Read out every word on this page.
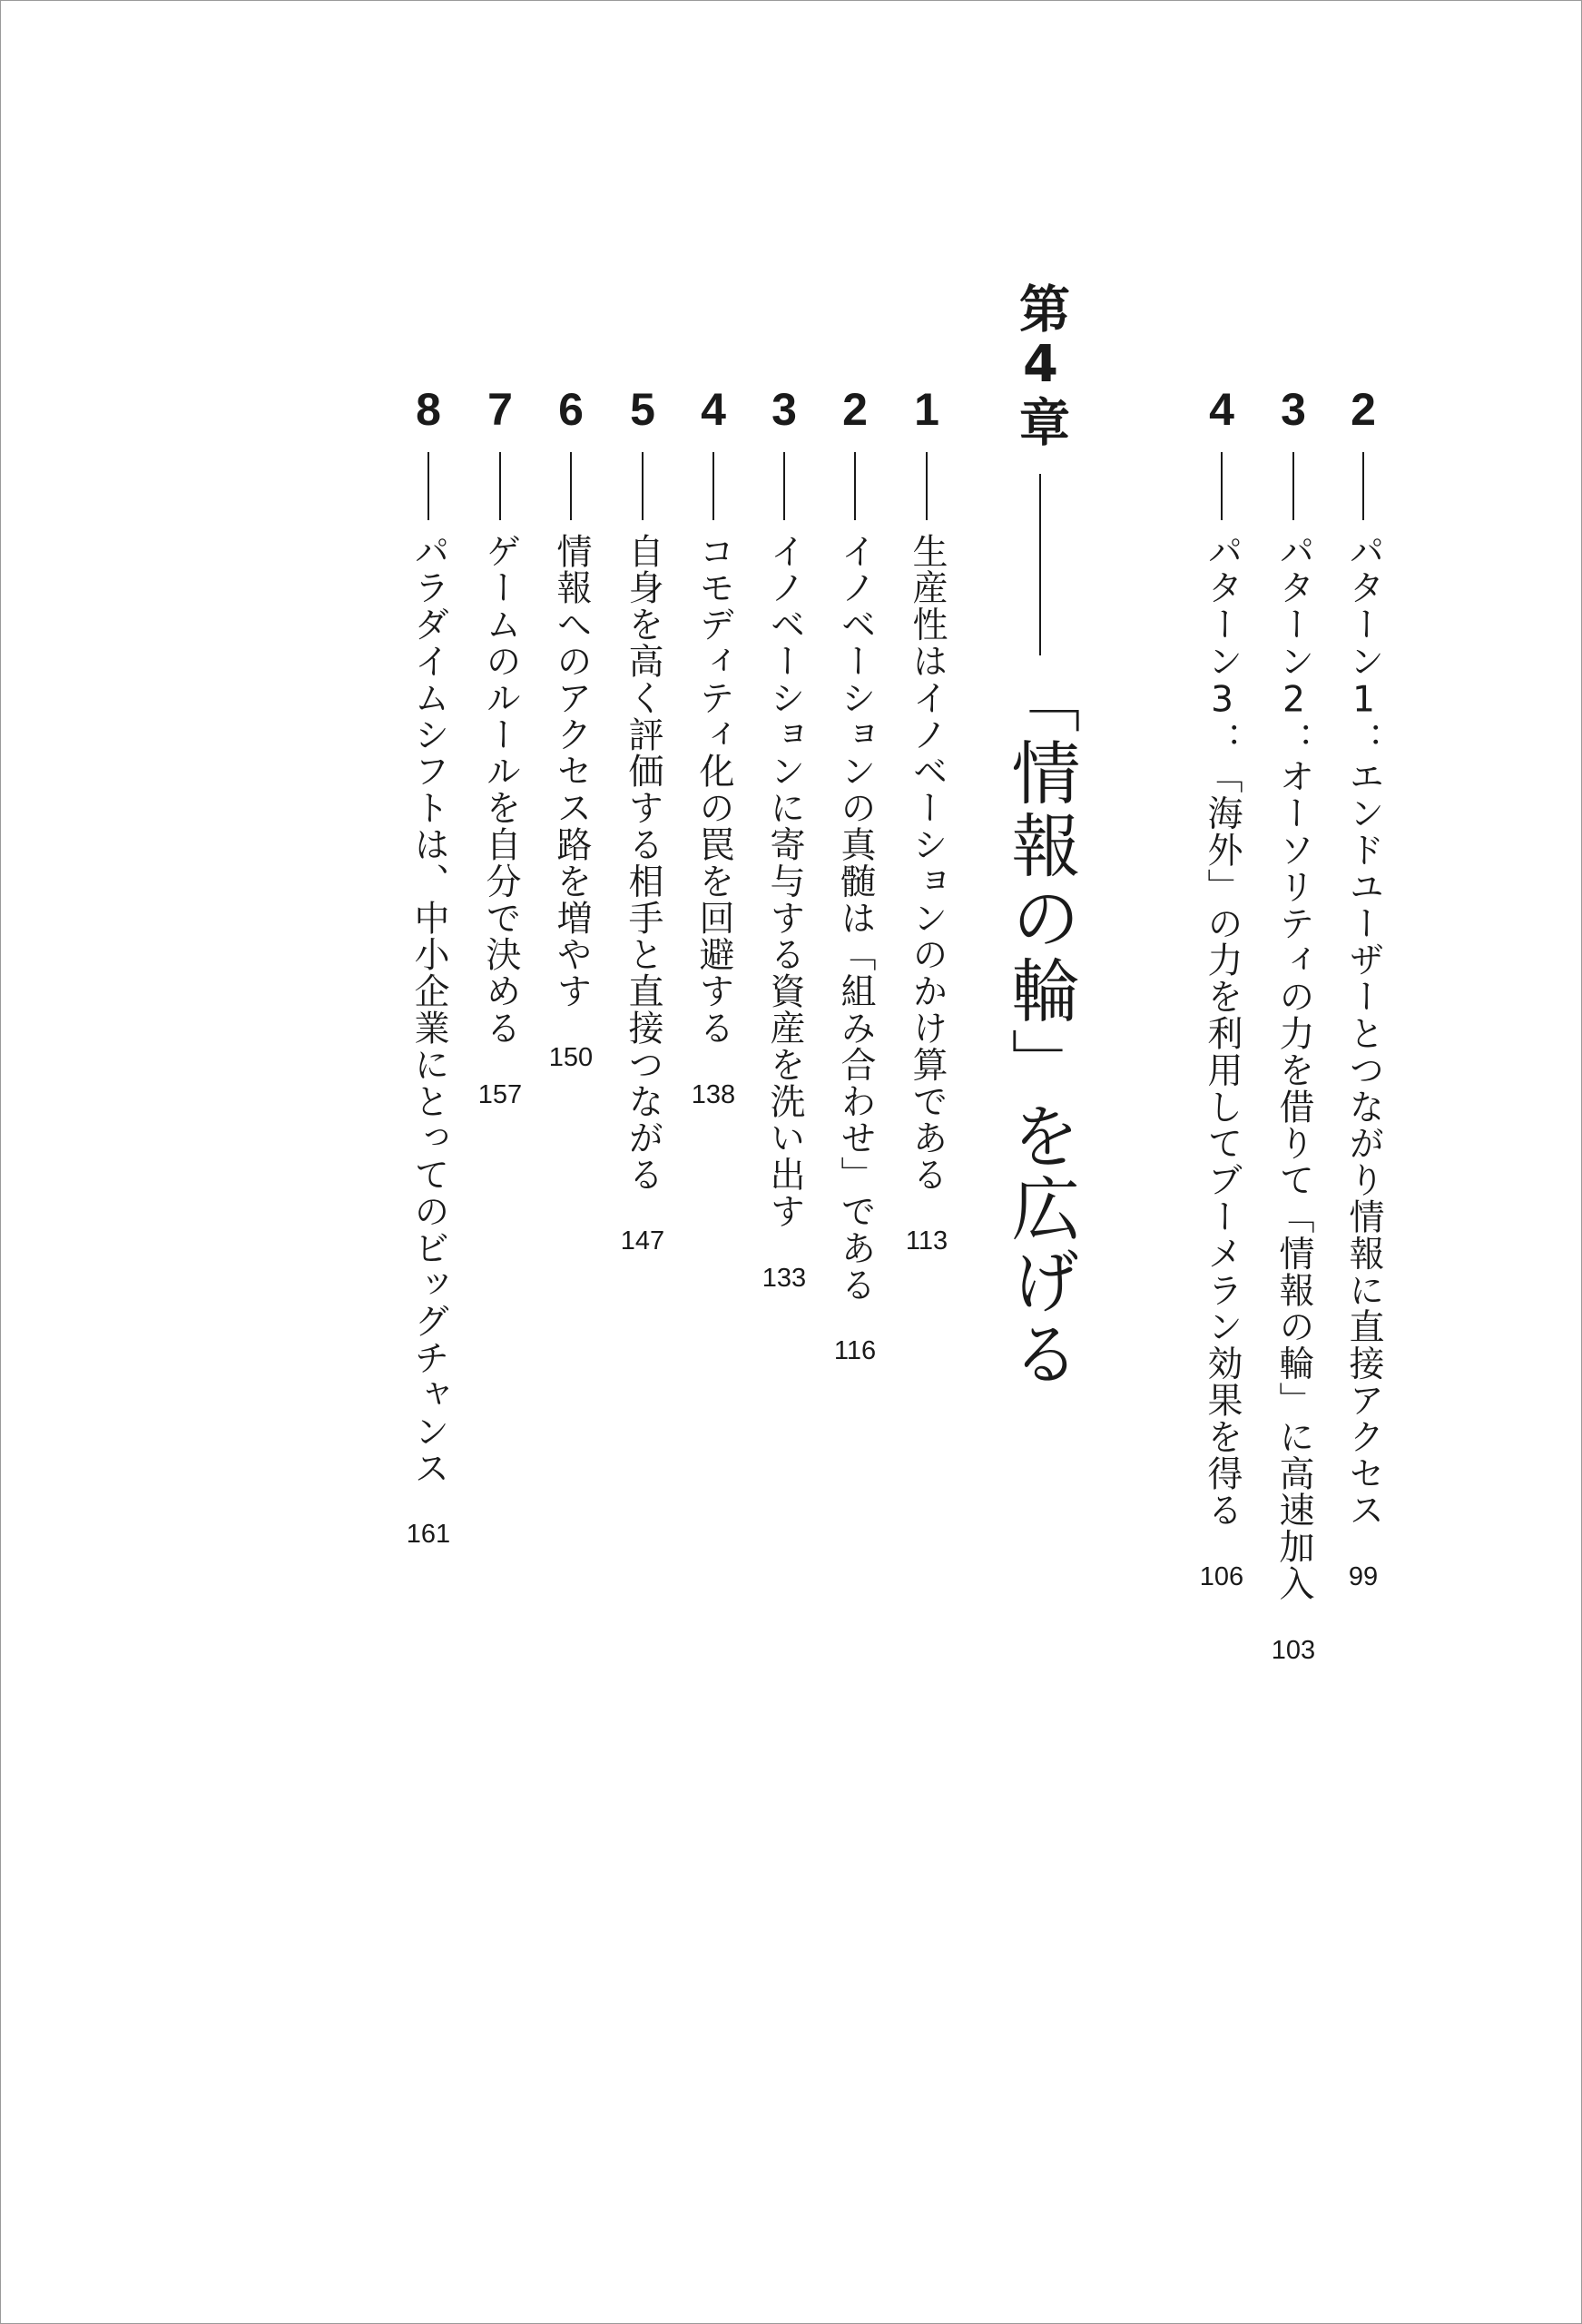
2
パターン1：エンドユーザーとつながり情報に直接アクセス
99
3
パターン2：オーソリティの力を借りて「情報の輪」に高速加入
103
4
パターン3：「海外」の力を利用してブーメラン効果を得る
106
第4章
「情報の輪」を広げる
1
生産性はイノベーションのかけ算である
113
2
イノベーションの真髄は「組み合わせ」である
116
3
イノベーションに寄与する資産を洗い出す
133
4
コモディティ化の罠を回避する
138
5
自身を高く評価する相手と直接つながる
147
6
情報へのアクセス路を増やす
150
7
ゲームのルールを自分で決める
157
8
パラダイムシフトは、中小企業にとってのビッグチャンス
161
